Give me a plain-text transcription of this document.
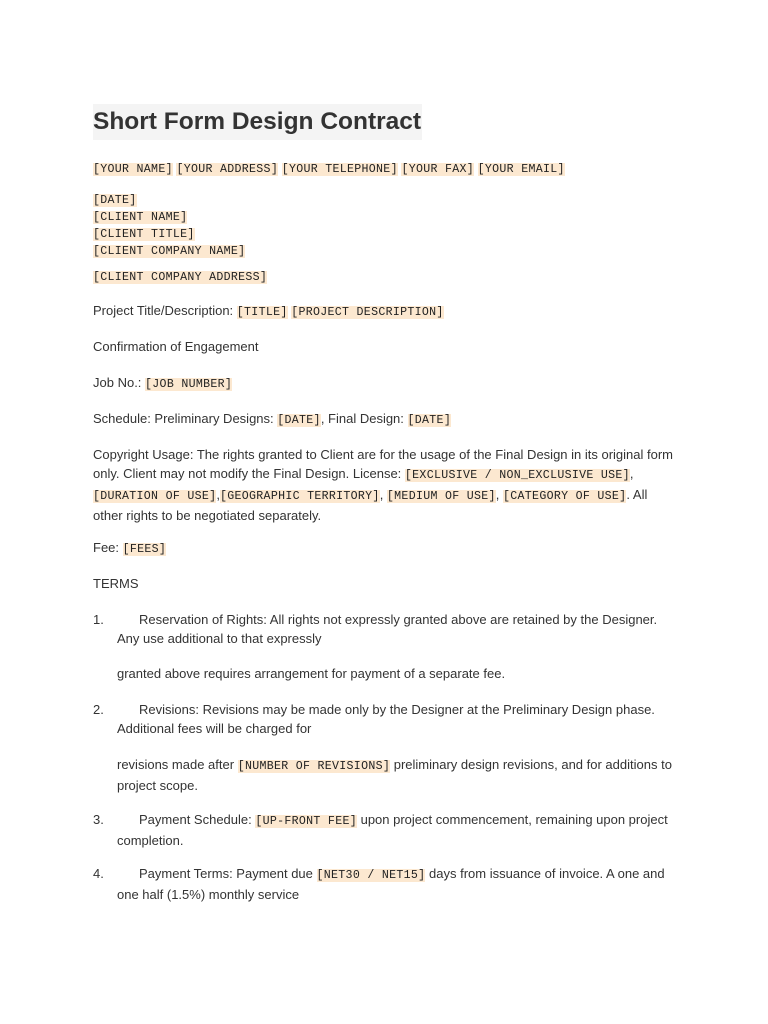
Short Form Design Contract
[YOUR NAME] [YOUR ADDRESS] [YOUR TELEPHONE] [YOUR FAX] [YOUR EMAIL]
[DATE]
[CLIENT NAME]
[CLIENT TITLE]
[CLIENT COMPANY NAME]
[CLIENT COMPANY ADDRESS]

Project Title/Description: [TITLE] [PROJECT DESCRIPTION]

Confirmation of Engagement

Job No.: [JOB NUMBER]

Schedule: Preliminary Designs: [DATE], Final Design: [DATE]

Copyright Usage: The rights granted to Client are for the usage of the Final Design in its original form only. Client may not modify the Final Design. License: [EXCLUSIVE / NON_EXCLUSIVE USE], [DURATION OF USE],[GEOGRAPHIC TERRITORY], [MEDIUM OF USE], [CATEGORY OF USE]. All other rights to be negotiated separately.

Fee: [FEES]

TERMS

1.	Reservation of Rights: All rights not expressly granted above are retained by the Designer. Any use additional to that expressly
granted above requires arrangement for payment of a separate fee.

2.	Revisions: Revisions may be made only by the Designer at the Preliminary Design phase. Additional fees will be charged for
revisions made after [NUMBER OF REVISIONS] preliminary design revisions, and for additions to project scope.

3.	Payment Schedule: [UP-FRONT FEE] upon project commencement, remaining upon project completion.

4.	Payment Terms: Payment due [NET30 / NET15] days from issuance of invoice. A one and one half (1.5%) monthly service
